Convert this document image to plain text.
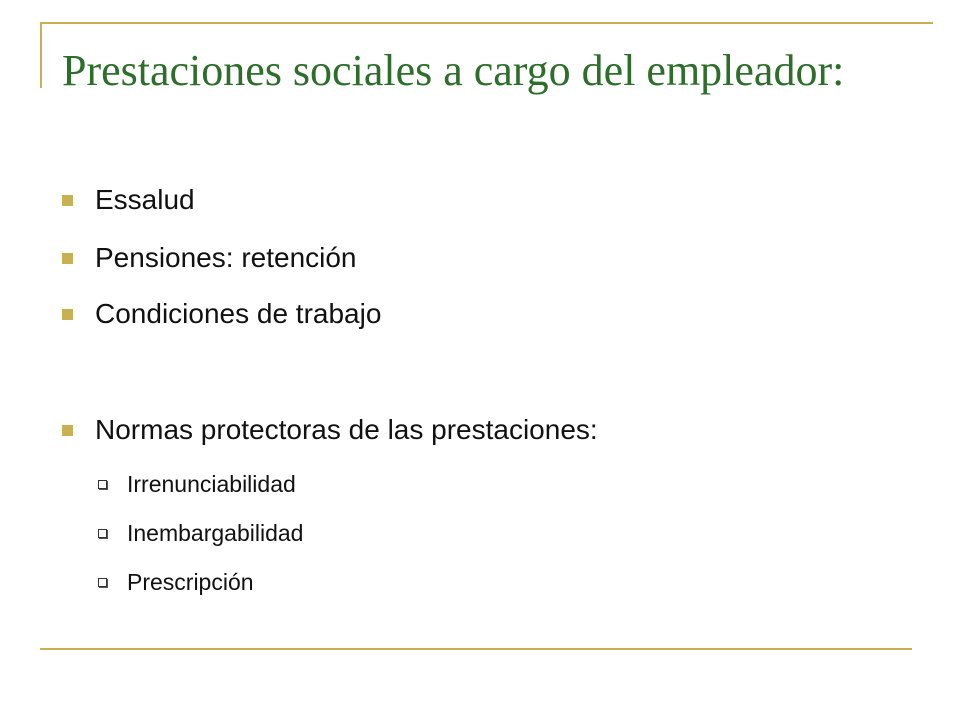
Prestaciones sociales a cargo del empleador:
Essalud
Pensiones: retención
Condiciones de trabajo
Normas protectoras de las prestaciones:
Irrenunciabilidad
Inembargabilidad
Prescripción
